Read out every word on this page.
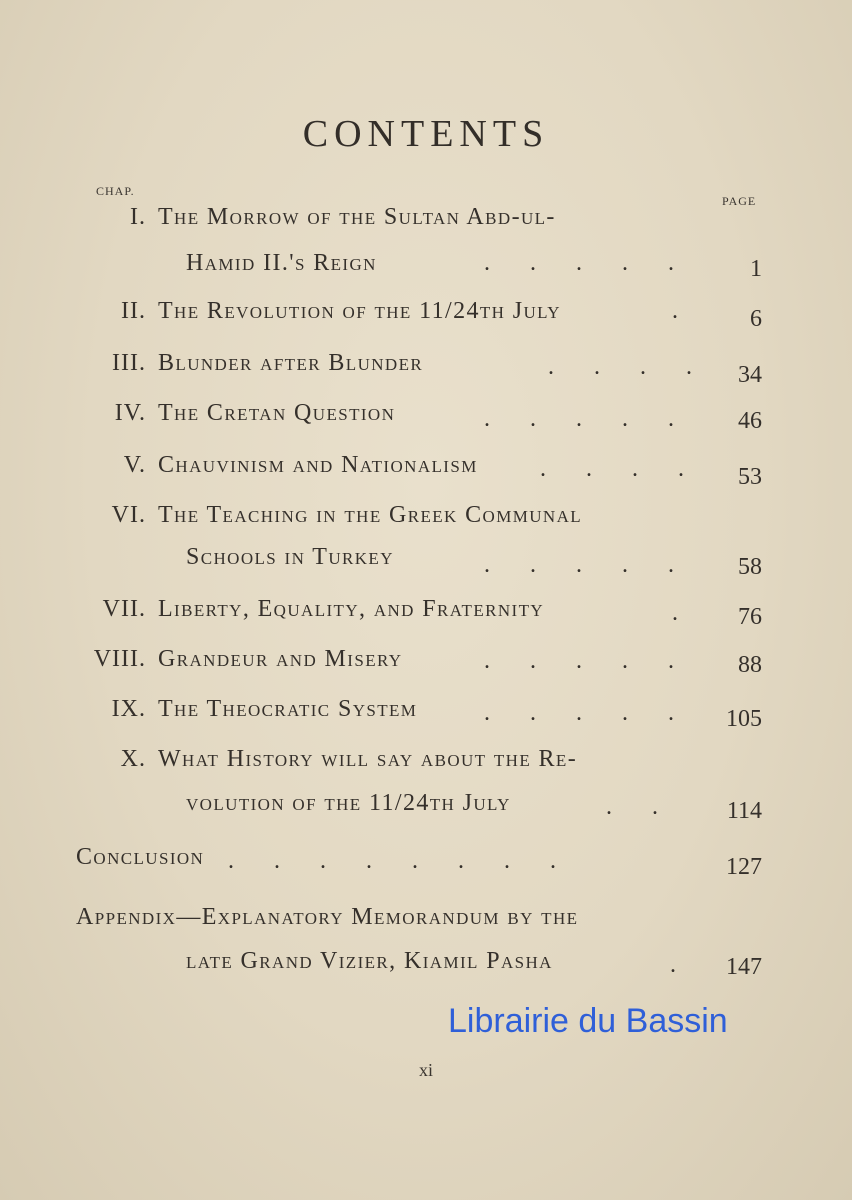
CONTENTS
CHAP.
PAGE
I. The Morrow of the Sultan Abd-ul-
Hamid II.'s Reign	. . . . .	1
II. The Revolution of the 11/24th July	.	6
III. Blunder after Blunder	. . . .	34
IV. The Cretan Question	. . . . .	46
V. Chauvinism and Nationalism	. . . .	53
VI. The Teaching in the Greek Communal
Schools in Turkey	. . . . .	58
VII. Liberty, Equality, and Fraternity	.	76
VIII. Grandeur and Misery	. . . . .	88
IX. The Theocratic System	. . . . .	105
X. What History will say about the Re-
volution of the 11/24th July	. .	114
Conclusion . . . . . . . .	127
Appendix—Explanatory Memorandum by the
late Grand Vizier, Kiamil Pasha	.	147
Librairie du Bassin
xi
